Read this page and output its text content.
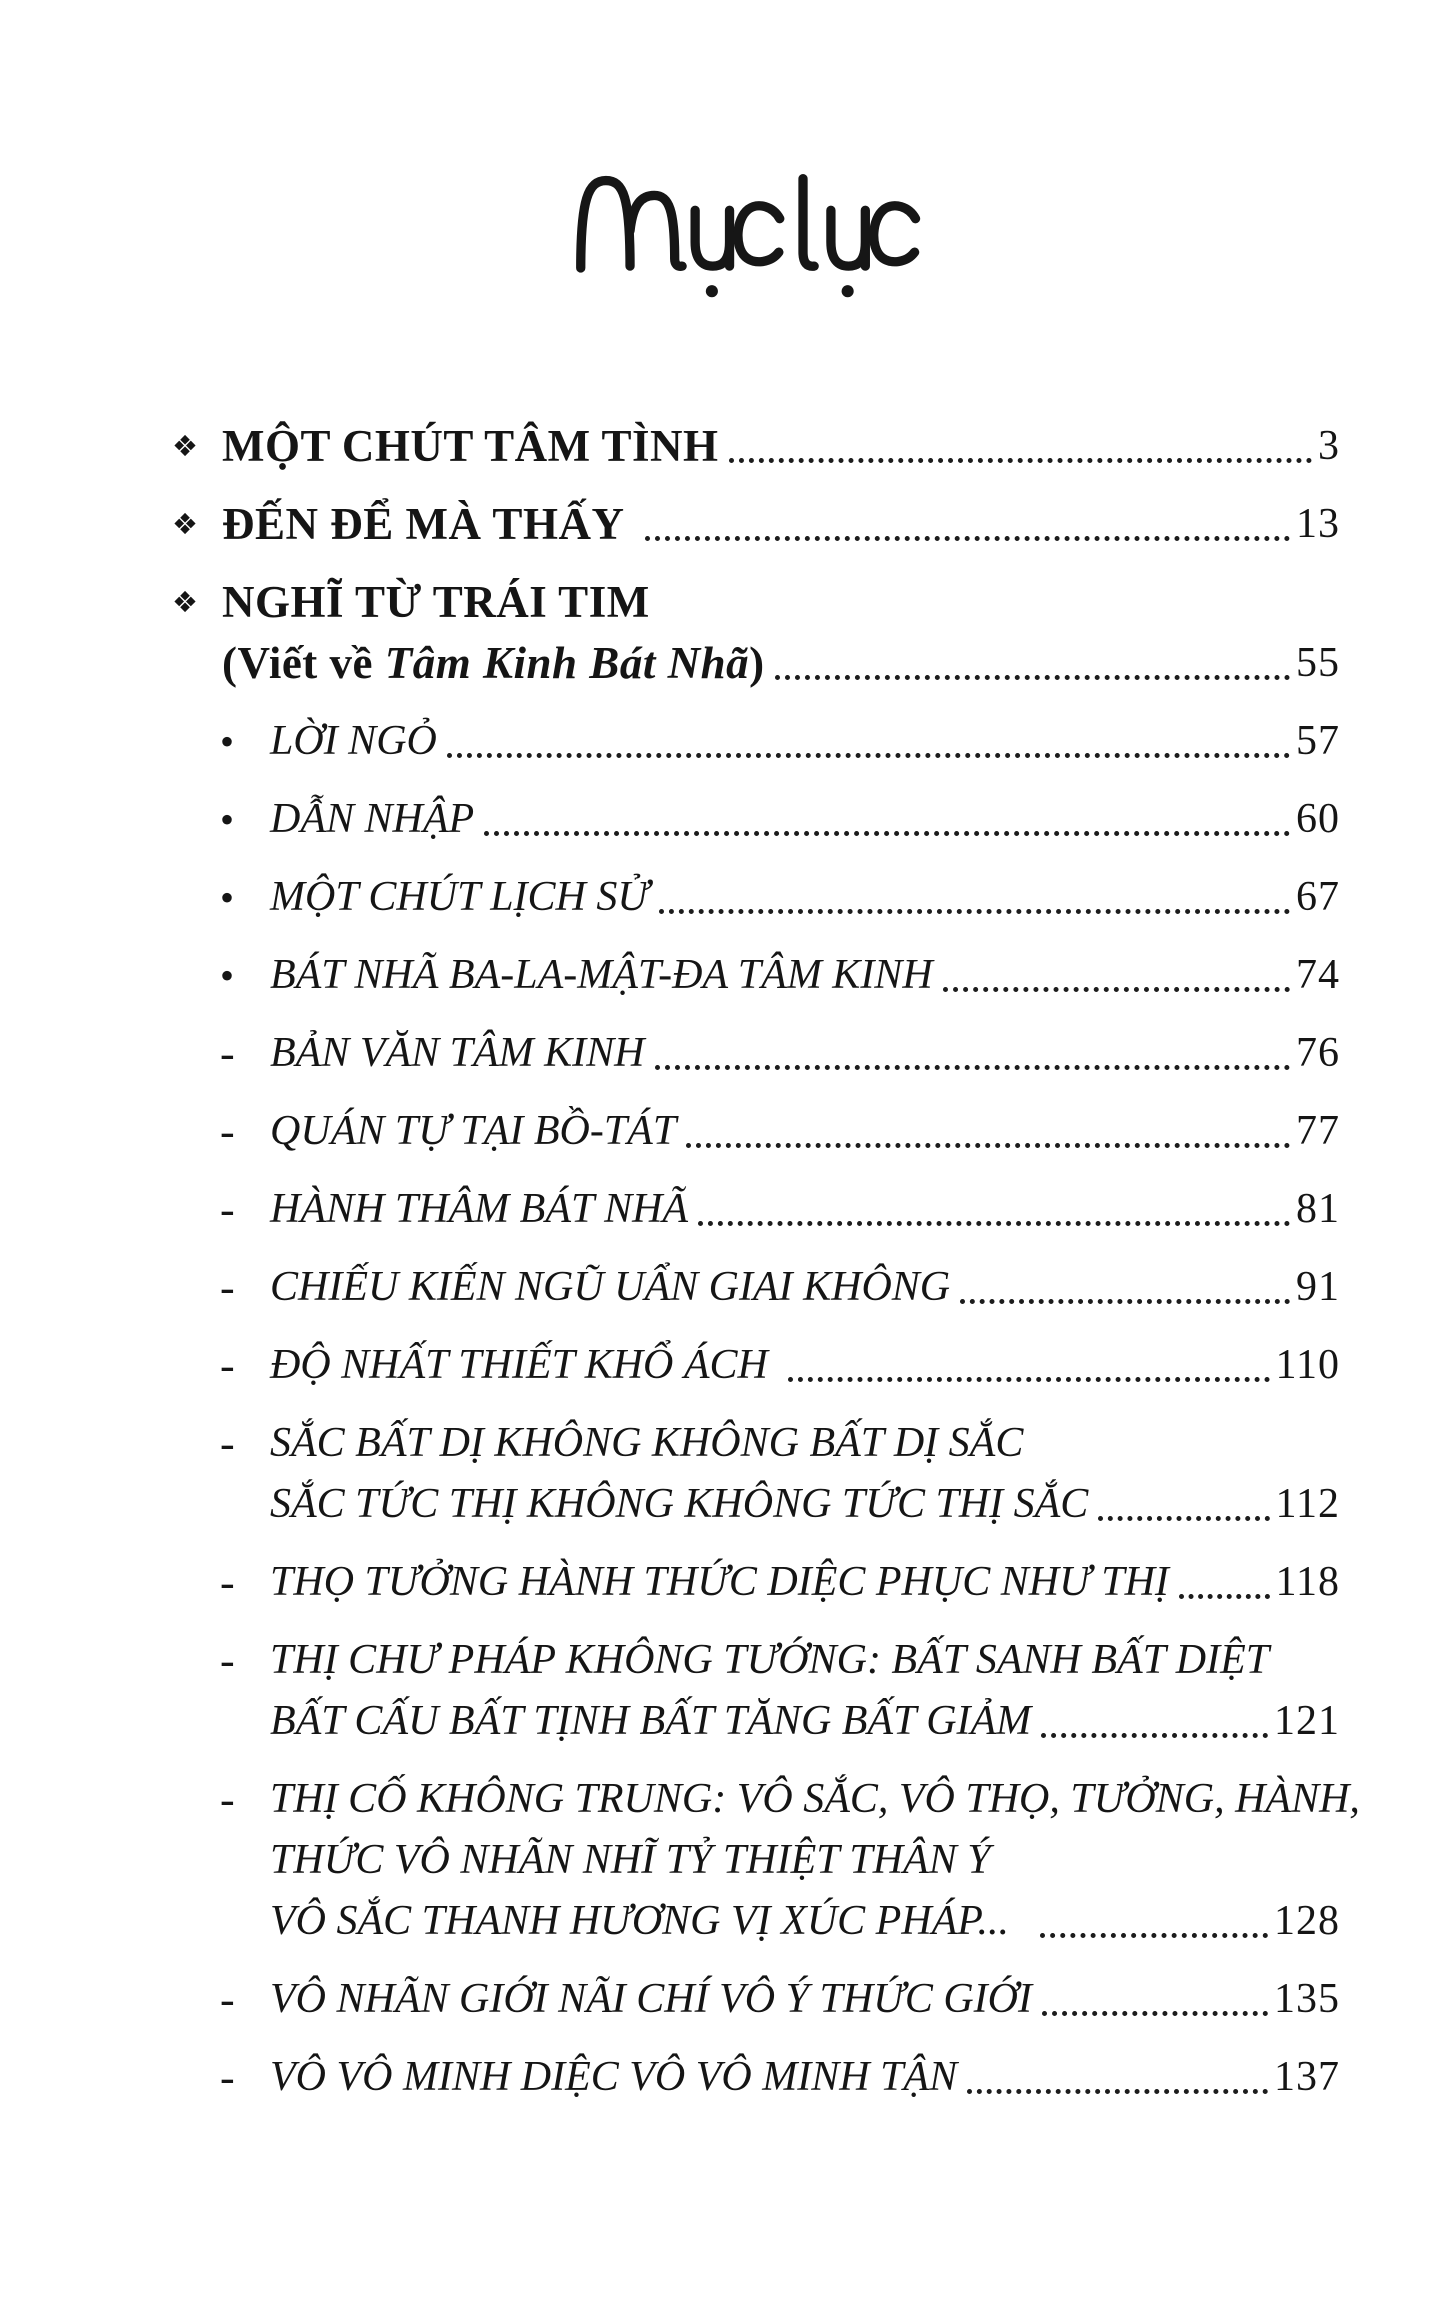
❖ MỘT CHÚT TÂM TÌNH	3
❖ ĐẾN ĐỂ MÀ THẤY	13
❖ NGHĨ TỪ TRÁI TIM
(Viết về Tâm Kinh Bát Nhã)	55
• LỜI NGỎ	57
• DẪN NHẬP	60
• MỘT CHÚT LỊCH SỬ	67
• BÁT NHÃ BA-LA-MẬT-ĐA TÂM KINH	74
- BẢN VĂN TÂM KINH	76
- QUÁN TỰ TẠI BỒ-TÁT	77
- HÀNH THÂM BÁT NHÃ	81
- CHIẾU KIẾN NGŨ UẨN GIAI KHÔNG	91
- ĐỘ NHẤT THIẾT KHỔ ÁCH	110
- SẮC BẤT DỊ KHÔNG KHÔNG BẤT DỊ SẮC
SẮC TỨC THỊ KHÔNG KHÔNG TỨC THỊ SẮC	112
- THỌ TƯỞNG HÀNH THỨC DIỆC PHỤC NHƯ THỊ	118
- THỊ CHƯ PHÁP KHÔNG TƯỚNG: BẤT SANH BẤT DIỆT
BẤT CẤU BẤT TỊNH BẤT TĂNG BẤT GIẢM	121
- THỊ CỐ KHÔNG TRUNG: VÔ SẮC, VÔ THỌ, TƯỞNG, HÀNH,
THỨC VÔ NHÃN NHĨ TỶ THIỆT THÂN Ý
VÔ SẮC THANH HƯƠNG VỊ XÚC PHÁP...	128
- VÔ NHÃN GIỚI NÃI CHÍ VÔ Ý THỨC GIỚI	135
- VÔ VÔ MINH DIỆC VÔ VÔ MINH TẬN	137
